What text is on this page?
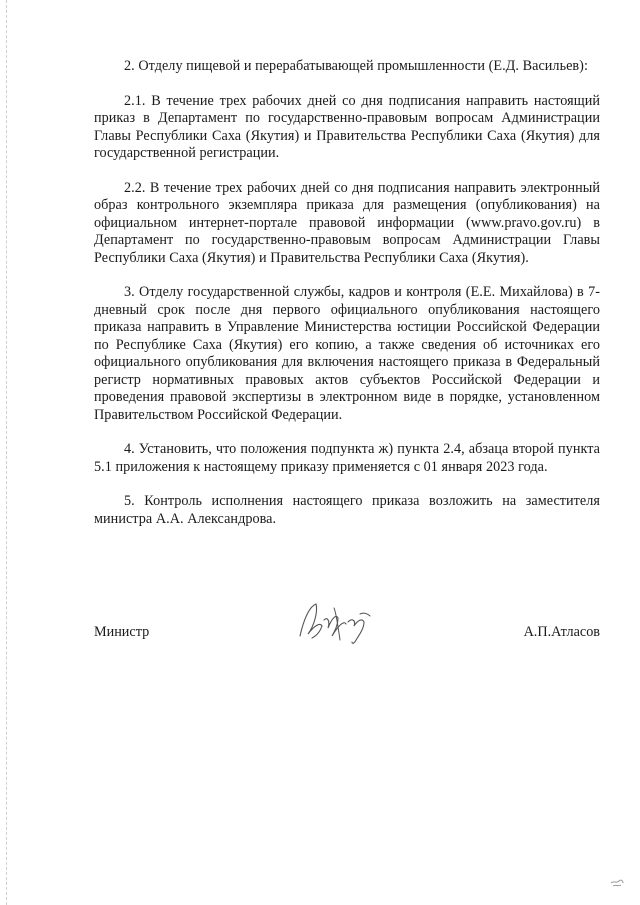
2. Отделу пищевой и перерабатывающей промышленности (Е.Д. Васильев):

2.1. В течение трех рабочих дней со дня подписания направить настоящий приказ в Департамент по государственно-правовым вопросам Администрации Главы Республики Саха (Якутия) и Правительства Республики Саха (Якутия) для государственной регистрации.

2.2. В течение трех рабочих дней со дня подписания направить электронный образ контрольного экземпляра приказа для размещения (опубликования) на официальном интернет-портале правовой информации (www.pravo.gov.ru) в Департамент по государственно-правовым вопросам Администрации Главы Республики Саха (Якутия) и Правительства Республики Саха (Якутия).

3. Отделу государственной службы, кадров и контроля (Е.Е. Михайлова) в 7-дневный срок после дня первого официального опубликования настоящего приказа направить в Управление Министерства юстиции Российской Федерации по Республике Саха (Якутия) его копию, а также сведения об источниках его официального опубликования для включения настоящего приказа в Федеральный регистр нормативных правовых актов субъектов Российской Федерации и проведения правовой экспертизы в электронном виде в порядке, установленном Правительством Российской Федерации.

4. Установить, что положения подпункта ж) пункта 2.4, абзаца второй пункта 5.1 приложения к настоящему приказу применяется с 01 января 2023 года.

5. Контроль исполнения настоящего приказа возложить на заместителя министра А.А. Александрова.

Министр	А.П.Атласов
